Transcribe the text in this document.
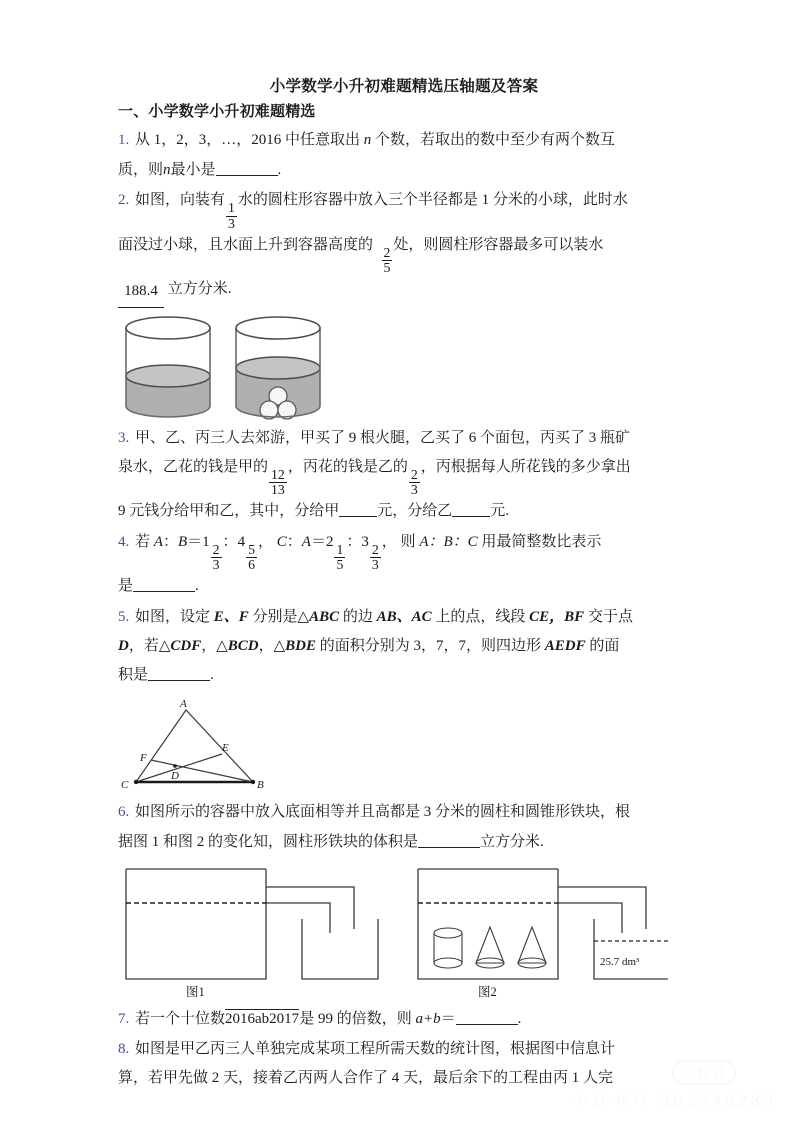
小学数学小升初难题精选压轴题及答案
一、小学数学小升初难题精选
1. 从 1，2，3，…，2016 中任意取出 n 个数，若取出的数中至少有两个数互
质，则n最小是	.
2. 如图，向装有
$\frac{1}{3}$
水的圆柱形容器中放入三个半径都是 1 分米的小球，此时水
面没过小球，且水面上升到容器高度的
$\frac{2}{5}$
处，则圆柱形容器最多可以装水
188.4 立方分米.
3. 甲、乙、丙三人去郊游，甲买了 9 根火腿，乙买了 6 个面包，丙买了 3 瓶矿
泉水，乙花的钱是甲的
$\frac{12}{13}$
，丙花的钱是乙的
$\frac{2}{3}$
，丙根据每人所花钱的多少拿出
9 元钱分给甲和乙，其中，分给甲	元，分给乙	元.
4. 若 A：B＝1
$\frac{2}{3}$
：4
$\frac{5}{6}$
， C：A＝2
$\frac{1}{5}$
：3
$\frac{2}{3}$
， 则 A：B：C 用最简整数比表示
是	.
5. 如图，设定 E、F 分别是△ABC 的边 AB、AC 上的点，线段 CE，BF 交于点
D，若△CDF，△BCD，△BDE 的面积分别为 3，7，7，则四边形 AEDF 的面
积是	.
A
F
E
C
D
B
6. 如图所示的容器中放入底面相等并且高都是 3 分米的圆柱和圆锥形铁块，根
据图 1 和图 2 的变化知，圆柱形铁块的体积是	立方分米.
图1
25.7 dm³
图2
7. 若一个十位数2016ab2017是 99 的倍数，则 a+b＝	.
8. 如图是甲乙丙三人单独完成某项工程所需天数的统计图，根据图中信息计
算，若甲先做 2 天，接着乙丙两人合作了 4 天，最后余下的工程由丙 1 人完	小红书
小红书号 302340233
